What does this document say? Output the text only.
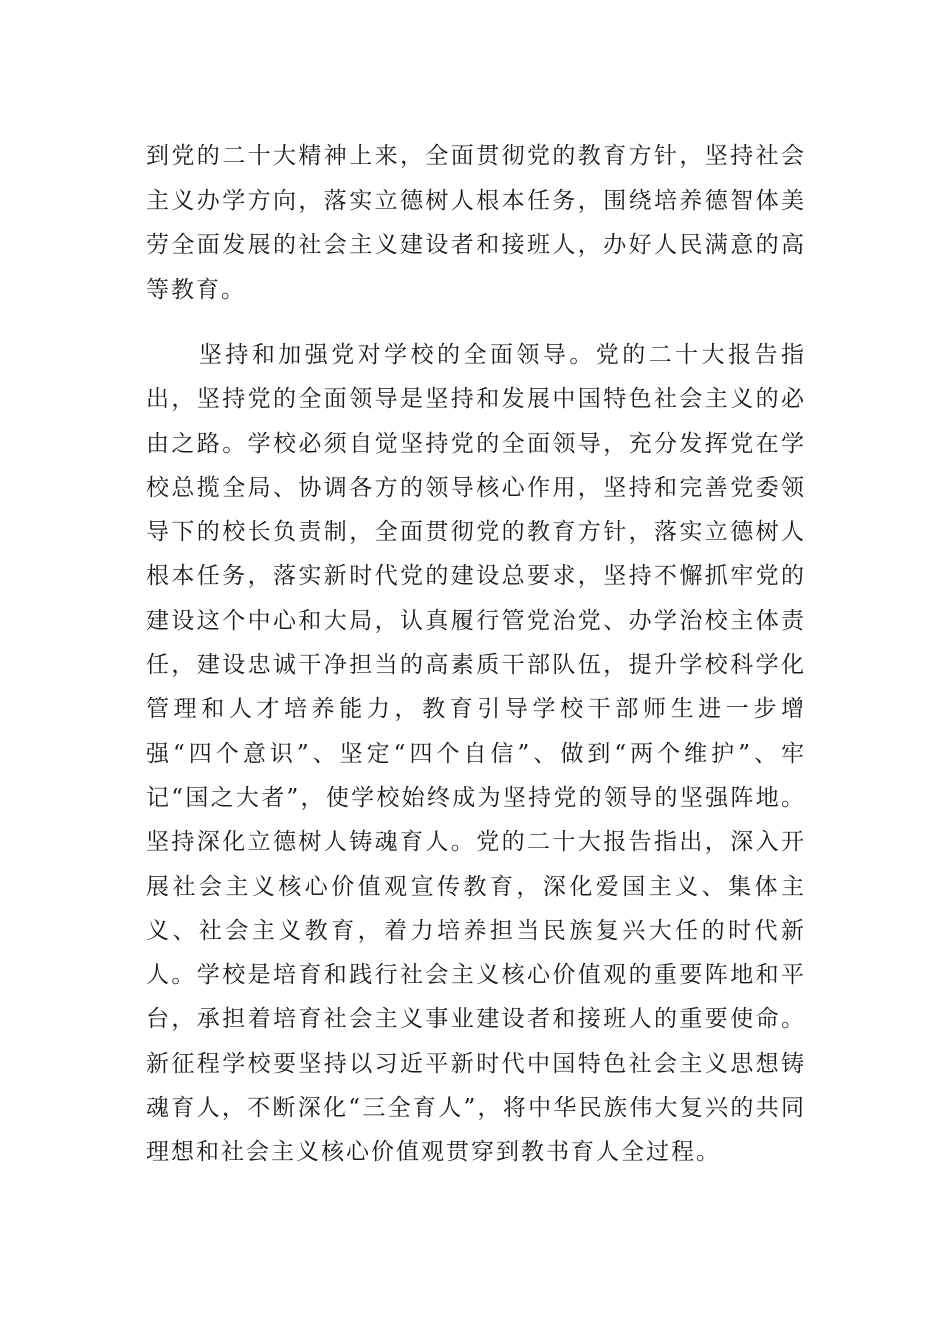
到党的二十大精神上来，全面贯彻党的教育方针，坚持社会主义办学方向，落实立德树人根本任务，围绕培养德智体美劳全面发展的社会主义建设者和接班人，办好人民满意的高等教育。

　　坚持和加强党对学校的全面领导。党的二十大报告指出，坚持党的全面领导是坚持和发展中国特色社会主义的必由之路。学校必须自觉坚持党的全面领导，充分发挥党在学校总揽全局、协调各方的领导核心作用，坚持和完善党委领导下的校长负责制，全面贯彻党的教育方针，落实立德树人根本任务，落实新时代党的建设总要求，坚持不懈抓牢党的建设这个中心和大局，认真履行管党治党、办学治校主体责任，建设忠诚干净担当的高素质干部队伍，提升学校科学化管理和人才培养能力，教育引导学校干部师生进一步增强“四个意识”、坚定“四个自信”、做到“两个维护”、牢记“国之大者”，使学校始终成为坚持党的领导的坚强阵地。坚持深化立德树人铸魂育人。党的二十大报告指出，深入开展社会主义核心价值观宣传教育，深化爱国主义、集体主义、社会主义教育，着力培养担当民族复兴大任的时代新人。学校是培育和践行社会主义核心价值观的重要阵地和平台，承担着培育社会主义事业建设者和接班人的重要使命。新征程学校要坚持以习近平新时代中国特色社会主义思想铸魂育人，不断深化“三全育人”，将中华民族伟大复兴的共同理想和社会主义核心价值观贯穿到教书育人全过程。
